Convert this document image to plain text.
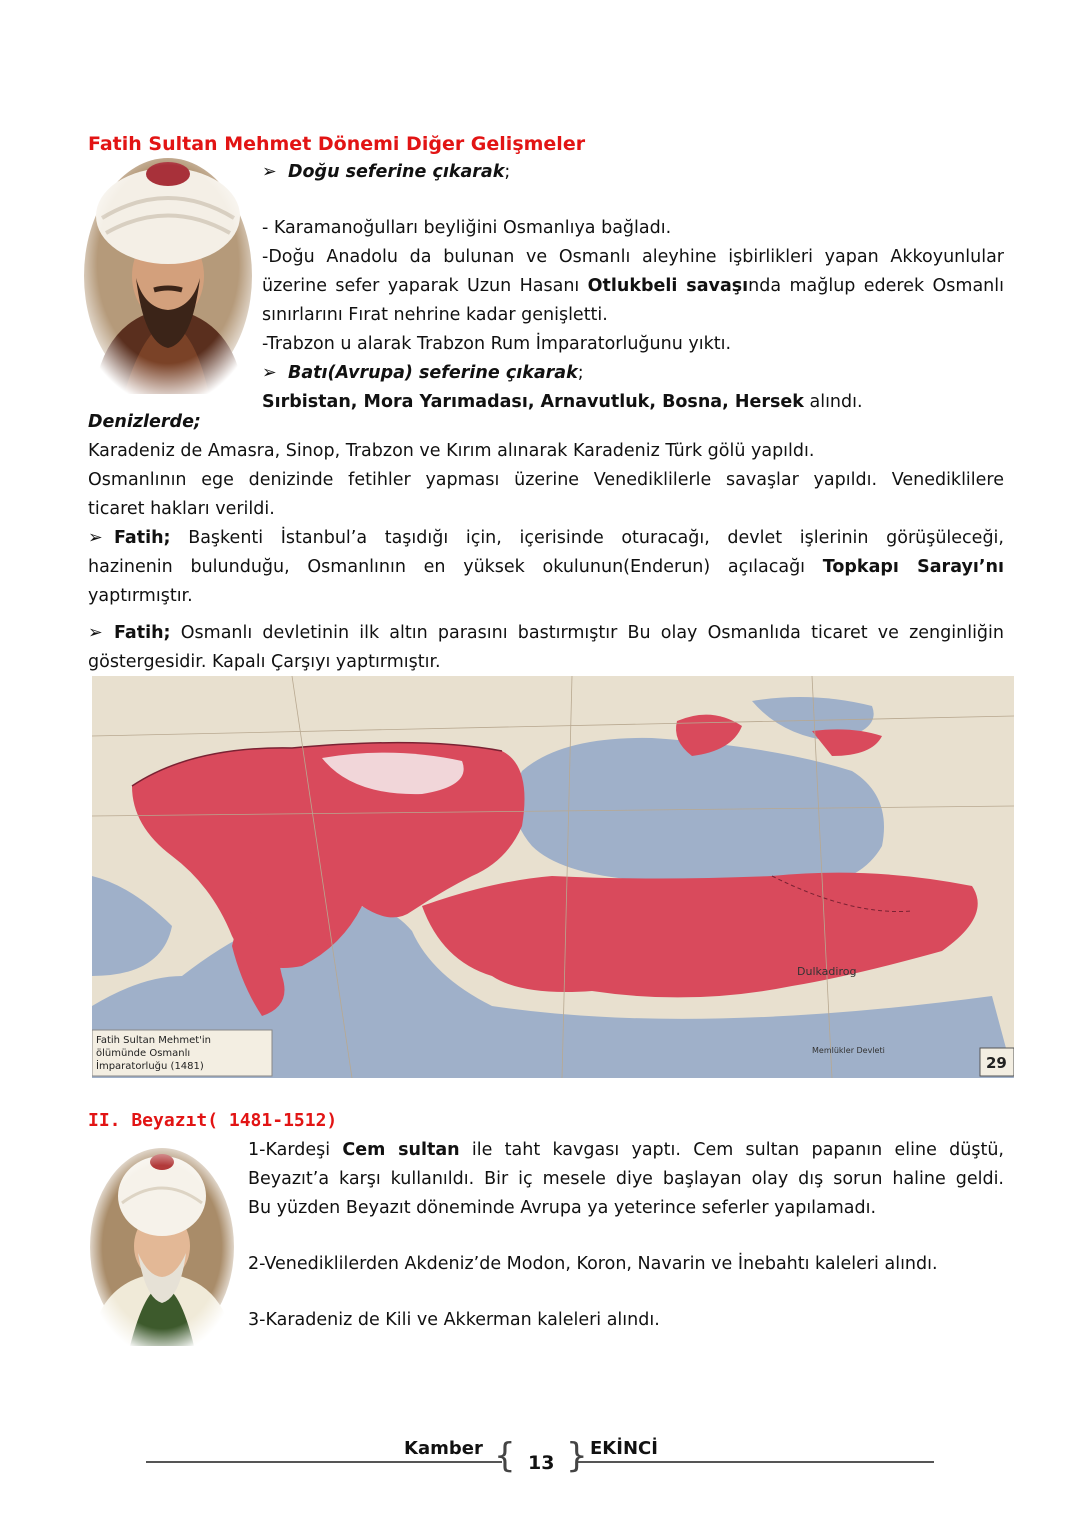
Fatih Sultan Mehmet Dönemi Diğer Gelişmeler
➢ Doğu seferine çıkarak;
- Karamanoğulları beyliğini Osmanlıya bağladı.
-Doğu Anadolu da bulunan ve Osmanlı aleyhine işbirlikleri yapan Akkoyunlular
üzerine sefer yaparak Uzun Hasanı Otlukbeli savaşında mağlup ederek Osmanlı
sınırlarını Fırat nehrine kadar genişletti.
-Trabzon u alarak Trabzon Rum İmparatorluğunu yıktı.
➢ Batı(Avrupa) seferine çıkarak;
Sırbistan, Mora Yarımadası, Arnavutluk, Bosna, Hersek alındı.
Denizlerde;
Karadeniz de Amasra, Sinop, Trabzon ve Kırım alınarak Karadeniz Türk gölü yapıldı.
Osmanlının ege denizinde fetihler yapması üzerine Venediklilerle savaşlar yapıldı. Venediklilere
ticaret hakları verildi.
➢ Fatih; Başkenti İstanbul’a taşıdığı için, içerisinde oturacağı, devlet işlerinin görüşüleceği,
hazinenin bulunduğu, Osmanlının en yüksek okulunun(Enderun) açılacağı Topkapı Sarayı’nı
yaptırmıştır.
➢ Fatih; Osmanlı devletinin ilk altın parasını bastırmıştır Bu olay Osmanlıda ticaret ve zenginliğin
göstergesidir. Kapalı Çarşıyı yaptırmıştır.
Dulkadirog
Memlükler Devleti
Fatih Sultan Mehmet'in
ölümünde Osmanlı
İmparatorluğu (1481)	29
II. Beyazıt( 1481-1512)
1-Kardeşi Cem sultan ile taht kavgası yaptı. Cem sultan papanın eline düştü,
Beyazıt’a karşı kullanıldı. Bir iç mesele diye başlayan olay dış sorun haline geldi.
Bu yüzden Beyazıt döneminde Avrupa ya yeterince seferler yapılamadı.
2-Venediklilerden Akdeniz’de Modon, Koron, Navarin ve İnebahtı kaleleri alındı.
3-Karadeniz de Kili ve Akkerman kaleleri alındı.
Kamber { 13 } EKİNCİ
